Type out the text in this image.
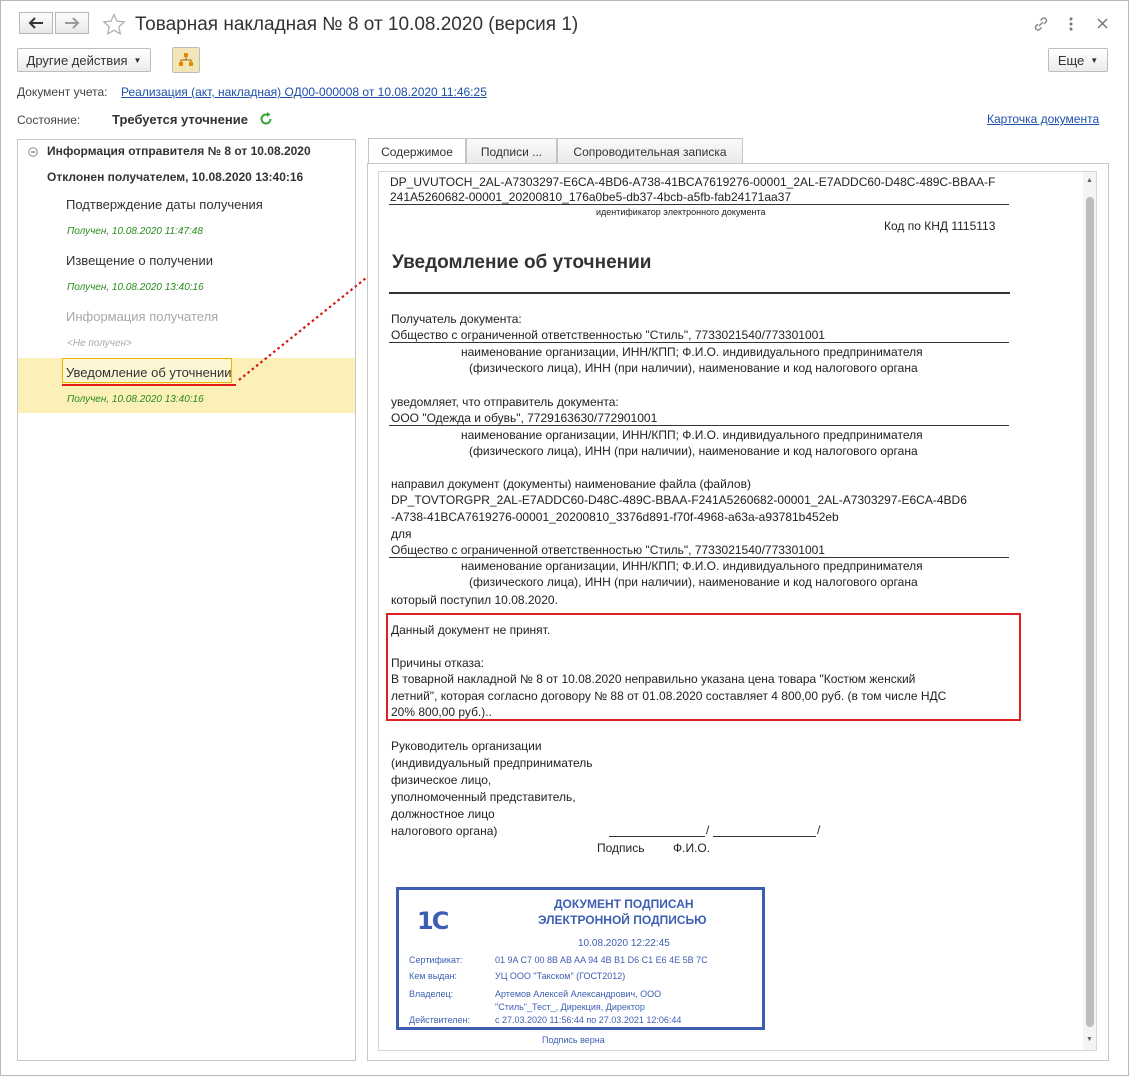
Товарная накладная № 8 от 10.08.2020 (версия 1)
Другие действия ▼	Еще ▼
Документ учета: Реализация (акт, накладная) ОД00-000008 от 10.08.2020 11:46:25
Состояние: Требуется уточнение	Карточка документа
Информация отправителя № 8 от 10.08.2020
Отклонен получателем, 10.08.2020 13:40:16
Подтверждение даты получения
Получен, 10.08.2020 11:47:48
Извещение о получении
Получен, 10.08.2020 13:40:16
Информация получателя
<Не получен>
Уведомление об уточнении
Получен, 10.08.2020 13:40:16
Содержимое	Подписи ...	Сопроводительная записка
▲
▼
DP_UVUTOCH_2AL-A7303297-E6CA-4BD6-A738-41BCA7619276-00001_2AL-E7ADDC60-D48C-489C-BBAA-F
241A5260682-00001_20200810_176a0be5-db37-4bcb-a5fb-fab24171aa37
идентификатор электронного документа
Код по КНД 1115113
Уведомление об уточнении
Получатель документа:
Общество с ограниченной ответственностью "Стиль", 7733021540/773301001
наименование организации, ИНН/КПП; Ф.И.О. индивидуального предпринимателя
(физического лица), ИНН (при наличии), наименование и код налогового органа
уведомляет, что отправитель документа:
ООО "Одежда и обувь", 7729163630/772901001
наименование организации, ИНН/КПП; Ф.И.О. индивидуального предпринимателя
(физического лица), ИНН (при наличии), наименование и код налогового органа
направил документ (документы) наименование файла (файлов)
DP_TOVTORGPR_2AL-E7ADDC60-D48C-489C-BBAA-F241A5260682-00001_2AL-A7303297-E6CA-4BD6
-A738-41BCA7619276-00001_20200810_3376d891-f70f-4968-a63a-a93781b452eb
для
Общество с ограниченной ответственностью "Стиль", 7733021540/773301001
наименование организации, ИНН/КПП; Ф.И.О. индивидуального предпринимателя
(физического лица), ИНН (при наличии), наименование и код налогового органа
который поступил 10.08.2020.
Данный документ не принят.
Причины отказа:
В товарной накладной № 8 от 10.08.2020 неправильно указана цена товара "Костюм женский
летний", которая согласно договору № 88 от 01.08.2020 составляет 4 800,00 руб. (в том числе НДС
20% 800,00 руб.)..
Руководитель организации
(индивидуальный предприниматель
физическое лицо,
уполномоченный представитель,
должностное лицо
налогового органа)	/	/
Подпись Ф.И.О.
1С
ДОКУМЕНТ ПОДПИСАН
ЭЛЕКТРОННОЙ ПОДПИСЬЮ
10.08.2020 12:22:45
Сертификат:	01 9A C7 00 8B AB AA 94 4B B1 D6 C1 E6 4E 5B 7C
Кем выдан:	УЦ ООО "Такском" (ГОСТ2012)
Владелец:	Артемов Алексей Александрович, ООО
"Стиль"_Тест_, Дирекция, Директор
Действителен:	с 27.03.2020 11:56:44 по 27.03.2021 12:06:44
Подпись верна
